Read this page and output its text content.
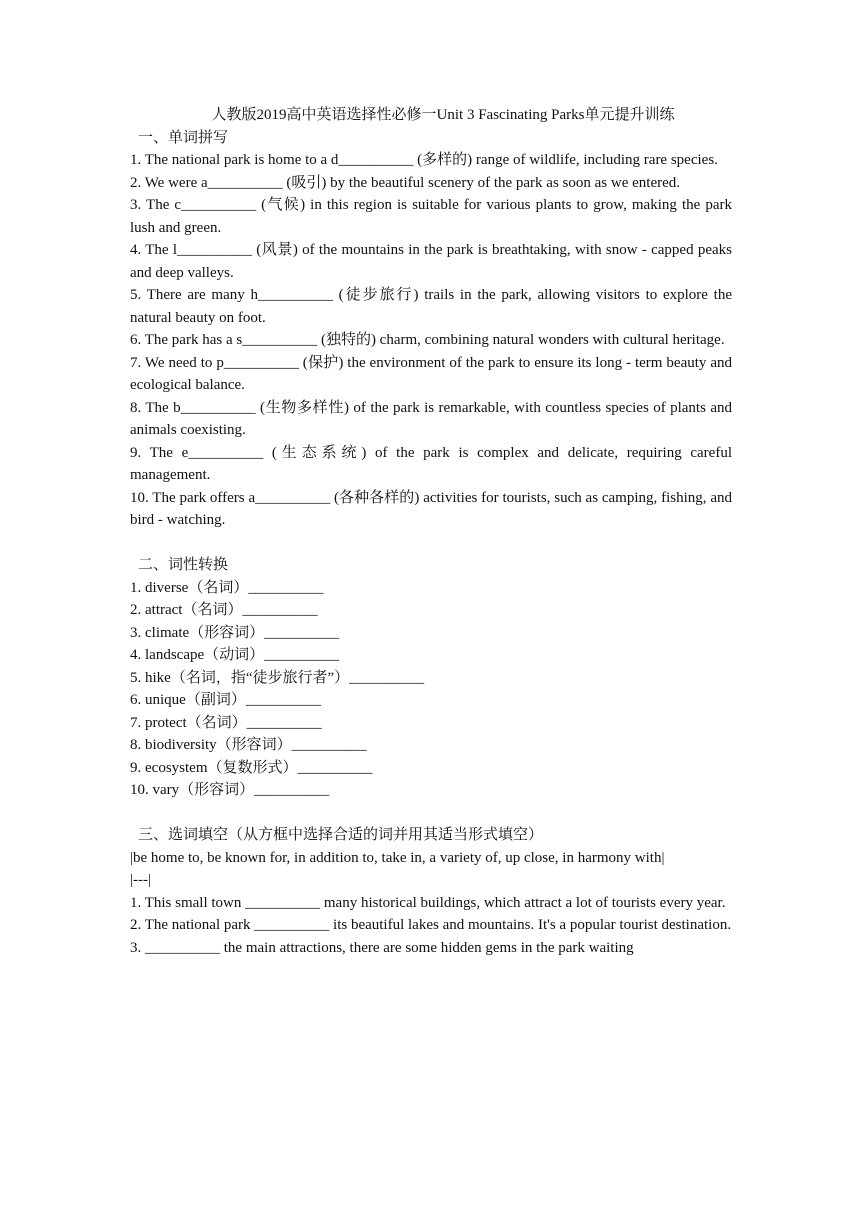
人教版2019高中英语选择性必修一Unit 3 Fascinating Parks单元提升训练

一、单词拼写

1. The national park is home to a d__________ (多样的) range of wildlife, including rare species.

2. We were a__________ (吸引) by the beautiful scenery of the park as soon as we entered.

3. The c__________ (气候) in this region is suitable for various plants to grow, making the park lush and green.

4. The l__________ (风景) of the mountains in the park is breathtaking, with snow - capped peaks and deep valleys.

5. There are many h__________ (徒步旅行) trails in the park, allowing visitors to explore the natural beauty on foot.

6. The park has a s__________ (独特的) charm, combining natural wonders with cultural heritage.

7. We need to p__________ (保护) the environment of the park to ensure its long - term beauty and ecological balance.

8. The b__________ (生物多样性) of the park is remarkable, with countless species of plants and animals coexisting.

9. The e__________ (生态系统) of the park is complex and delicate, requiring careful management.

10. The park offers a__________ (各种各样的) activities for tourists, such as camping, fishing, and bird - watching.

二、词性转换

1. diverse（名词）__________

2. attract（名词）__________

3. climate（形容词）__________

4. landscape（动词）__________

5. hike（名词，指“徒步旅行者”）__________

6. unique（副词）__________

7. protect（名词）__________

8. biodiversity（形容词）__________

9. ecosystem（复数形式）__________

10. vary（形容词）__________

三、选词填空（从方框中选择合适的词并用其适当形式填空）

|be home to, be known for, in addition to, take in, a variety of, up close, in harmony with|

|---|

1. This small town __________ many historical buildings, which attract a lot of tourists every year.

2. The national park __________ its beautiful lakes and mountains. It's a popular tourist destination.

3. __________ the main attractions, there are some hidden gems in the park waiting
